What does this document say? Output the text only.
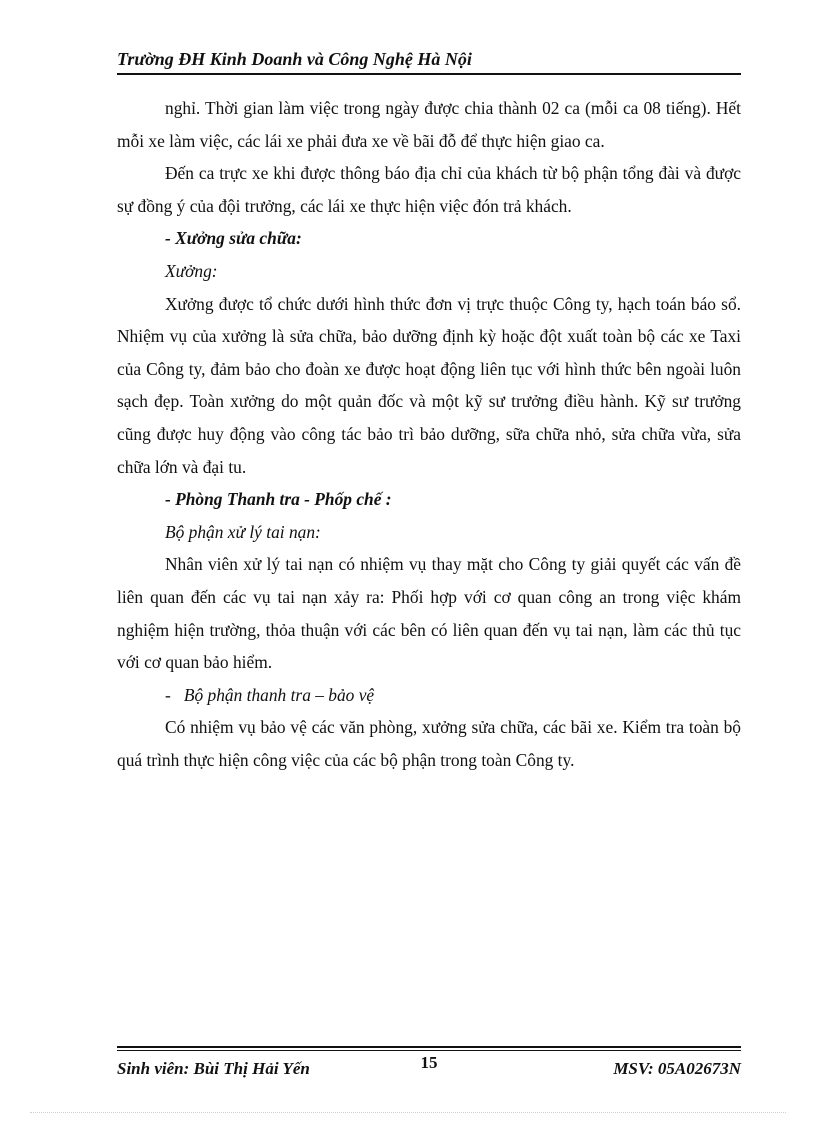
Trường ĐH Kinh Doanh và Công Nghệ Hà Nội

nghỉ. Thời gian làm việc trong ngày được chia thành 02 ca (mỗi ca 08 tiếng). Hết mỗi xe làm việc, các lái xe phải đưa xe về bãi đỗ để thực hiện giao ca.

Đến ca trực xe khi được thông báo địa chỉ của khách từ bộ phận tổng đài và được sự đồng ý của đội trưởng, các lái xe thực hiện việc đón trả khách.

- Xưởng sửa chữa:

Xưởng:

Xưởng được tổ chức dưới hình thức đơn vị trực thuộc Công ty, hạch toán báo sổ. Nhiệm vụ của xưởng là sửa chữa, bảo dưỡng định kỳ hoặc đột xuất toàn bộ các xe Taxi của Công ty, đảm bảo cho đoàn xe được hoạt động liên tục với hình thức bên ngoài luôn sạch đẹp. Toàn xưởng do một quản đốc và một kỹ sư trưởng điều hành. Kỹ sư trưởng cũng được huy động vào công tác bảo trì bảo dưỡng, sữa chữa nhỏ, sửa chữa vừa, sửa chữa lớn và đại tu.

- Phòng Thanh tra - Phốp chế :

Bộ phận xử lý tai nạn:

Nhân viên xử lý tai nạn có nhiệm vụ thay mặt cho Công ty giải quyết các vấn đề liên quan đến các vụ tai nạn xảy ra: Phối hợp với cơ quan công an trong việc khám nghiệm hiện trường, thỏa thuận với các bên có liên quan đến vụ tai nạn, làm các thủ tục với cơ quan bảo hiểm.

- Bộ phận thanh tra – bảo vệ

Có nhiệm vụ bảo vệ các văn phòng, xưởng sửa chữa, các bãi xe. Kiểm tra toàn bộ quá trình thực hiện công việc của các bộ phận trong toàn Công ty.

Sinh viên: Bùi Thị Hải Yến	15	MSV: 05A02673N
